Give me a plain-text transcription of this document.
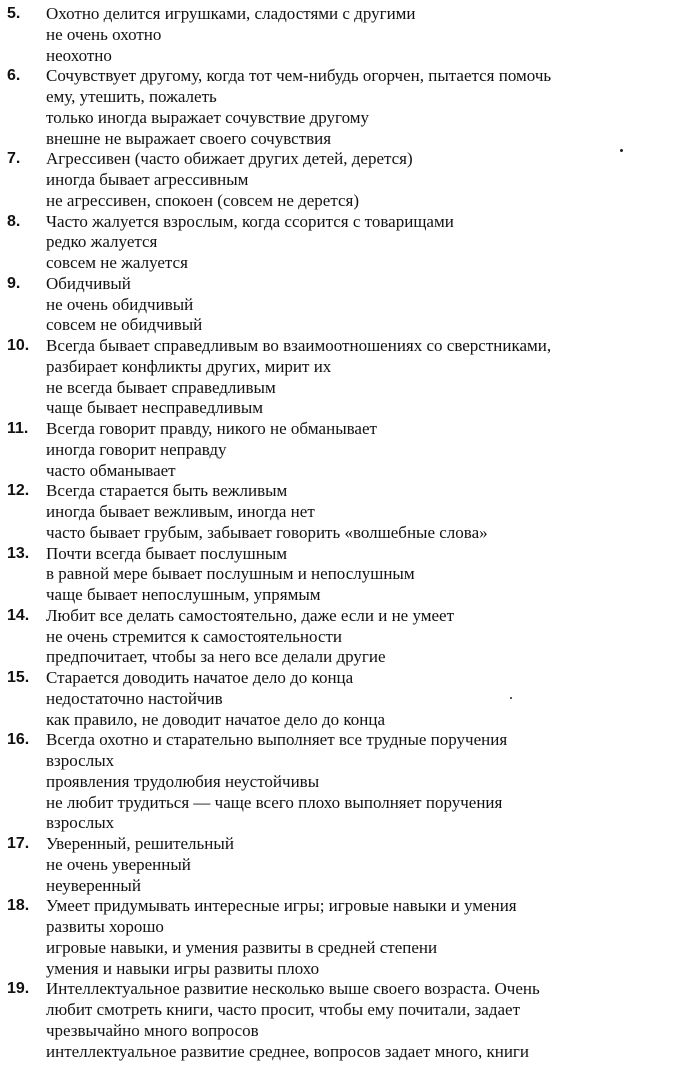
5. Охотно делится игрушками, сладостями с другими
не очень охотно
неохотно
6. Сочувствует другому, когда тот чем-нибудь огорчен, пытается помочь
ему, утешить, пожалеть
только иногда выражает сочувствие другому
внешне не выражает своего сочувствия
7. Агрессивен (часто обижает других детей, дерется)
иногда бывает агрессивным
не агрессивен, спокоен (совсем не дерется)
8. Часто жалуется взрослым, когда ссорится с товарищами
редко жалуется
совсем не жалуется
9. Обидчивый
не очень обидчивый
совсем не обидчивый
10. Всегда бывает справедливым во взаимоотношениях со сверстниками,
разбирает конфликты других, мирит их
не всегда бывает справедливым
чаще бывает несправедливым
11. Всегда говорит правду, никого не обманывает
иногда говорит неправду
часто обманывает
12. Всегда старается быть вежливым
иногда бывает вежливым, иногда нет
часто бывает грубым, забывает говорить «волшебные слова»
13. Почти всегда бывает послушным
в равной мере бывает послушным и непослушным
чаще бывает непослушным, упрямым
14. Любит все делать самостоятельно, даже если и не умеет
не очень стремится к самостоятельности
предпочитает, чтобы за него все делали другие
15. Старается доводить начатое дело до конца
недостаточно настойчив
как правило, не доводит начатое дело до конца
16. Всегда охотно и старательно выполняет все трудные поручения
взрослых
проявления трудолюбия неустойчивы
не любит трудиться — чаще всего плохо выполняет поручения
взрослых
17. Уверенный, решительный
не очень уверенный
неуверенный
18. Умеет придумывать интересные игры; игровые навыки и умения
развиты хорошо
игровые навыки, и умения развиты в средней степени
умения и навыки игры развиты плохо
19. Интеллектуальное развитие несколько выше своего возраста. Очень
любит смотреть книги, часто просит, чтобы ему почитали, задает
чрезвычайно много вопросов
интеллектуальное развитие среднее, вопросов задает много, книги
